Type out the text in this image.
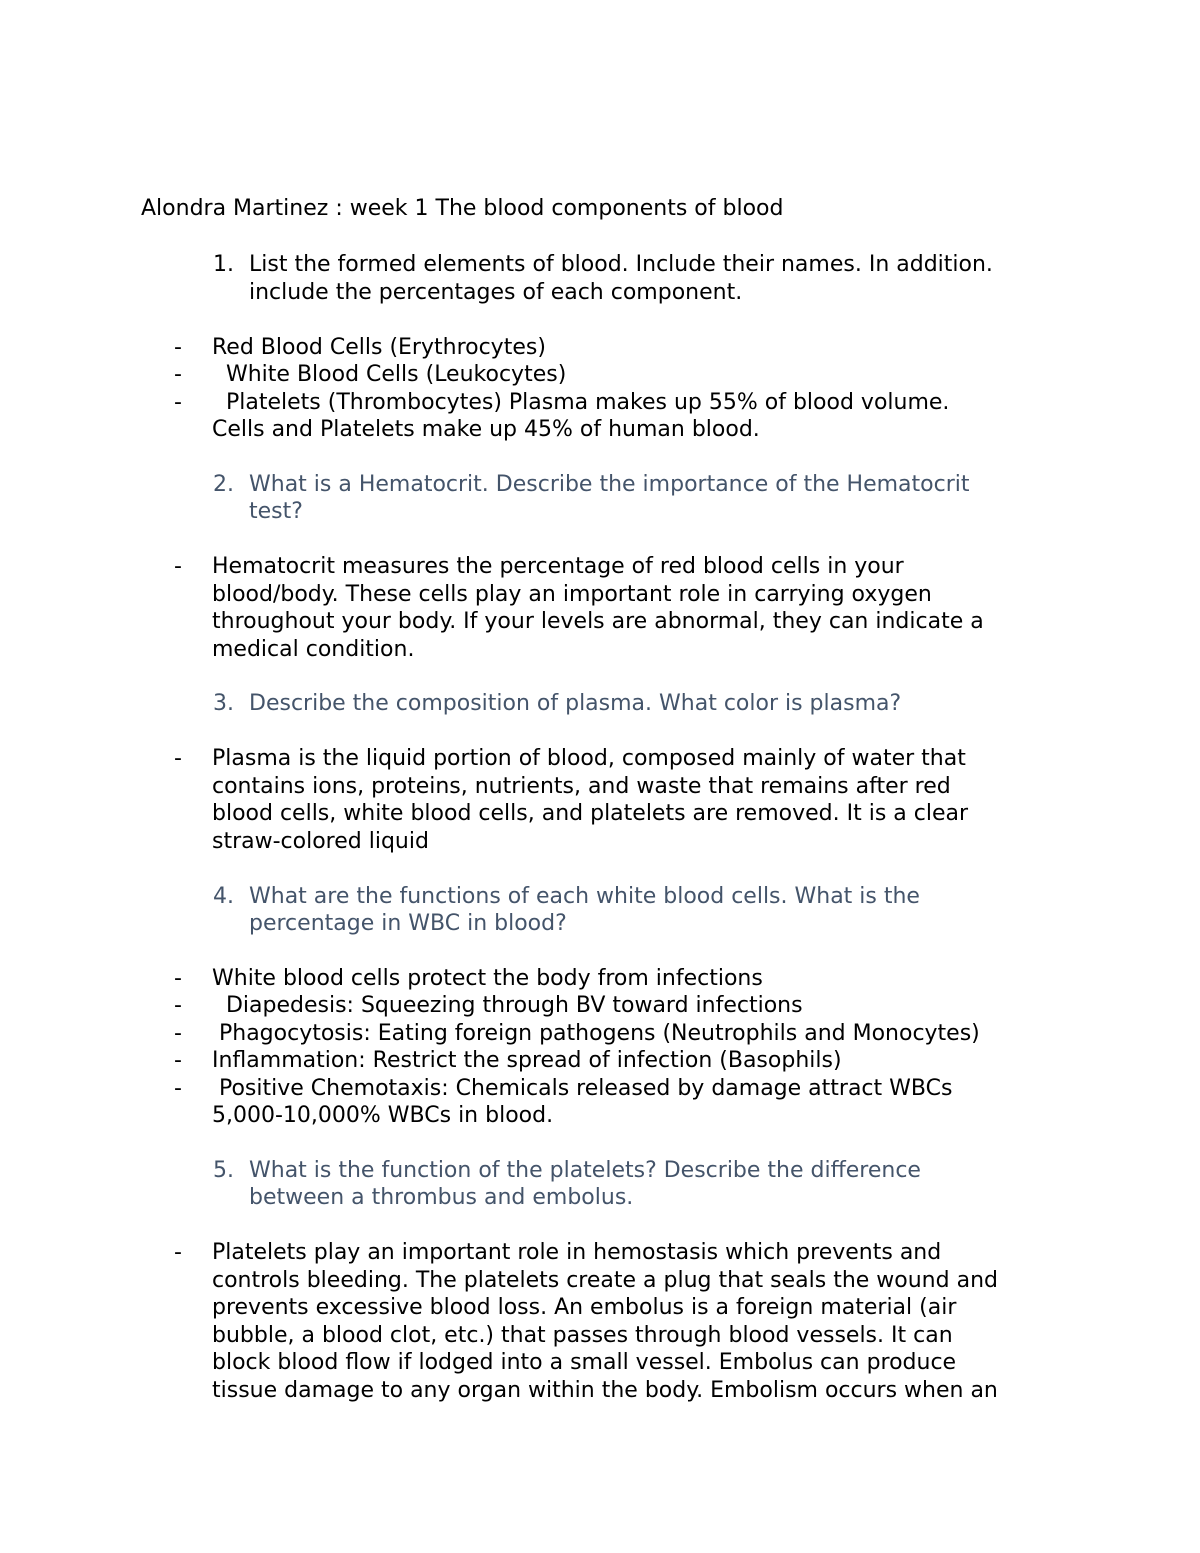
Alondra Martinez : week 1 The blood components of blood
1. List the formed elements of blood. Include their names. In addition.
include the percentages of each component.
- Red Blood Cells (Erythrocytes)
- White Blood Cells (Leukocytes)
- Platelets (Thrombocytes) Plasma makes up 55% of blood volume.
Cells and Platelets make up 45% of human blood.
2. What is a Hematocrit. Describe the importance of the Hematocrit
test?
- Hematocrit measures the percentage of red blood cells in your
blood/body. These cells play an important role in carrying oxygen
throughout your body. If your levels are abnormal, they can indicate a
medical condition.
3. Describe the composition of plasma. What color is plasma?
- Plasma is the liquid portion of blood, composed mainly of water that
contains ions, proteins, nutrients, and waste that remains after red
blood cells, white blood cells, and platelets are removed. It is a clear
straw-colored liquid
4. What are the functions of each white blood cells. What is the
percentage in WBC in blood?
- White blood cells protect the body from infections
- Diapedesis: Squeezing through BV toward infections
- Phagocytosis: Eating foreign pathogens (Neutrophils and Monocytes)
- Inflammation: Restrict the spread of infection (Basophils)
- Positive Chemotaxis: Chemicals released by damage attract WBCs
5,000-10,000% WBCs in blood.
5. What is the function of the platelets? Describe the difference
between a thrombus and embolus.
- Platelets play an important role in hemostasis which prevents and
controls bleeding. The platelets create a plug that seals the wound and
prevents excessive blood loss. An embolus is a foreign material (air
bubble, a blood clot, etc.) that passes through blood vessels. It can
block blood flow if lodged into a small vessel. Embolus can produce
tissue damage to any organ within the body. Embolism occurs when an
